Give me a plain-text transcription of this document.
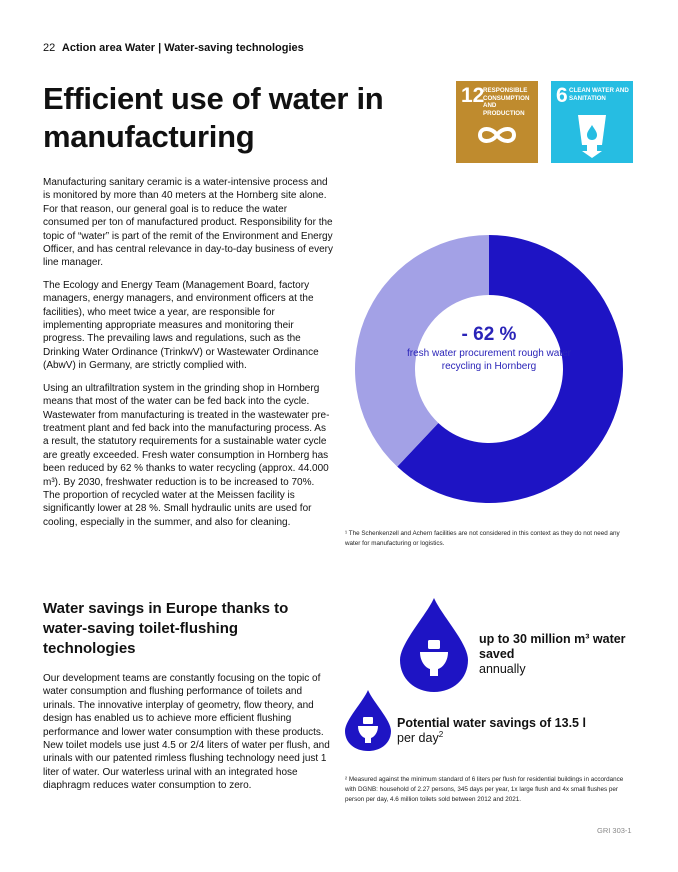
22 Action area Water | Water-saving technologies
Efficient use of water in manufacturing
12
RESPONSIBLE CONSUMPTION AND PRODUCTION
6 CLEAN WATER AND SANITATION

Manufacturing sanitary ceramic is a water-intensive process and is monitored by more than 40 meters at the Hornberg site alone. For that reason, our general goal is to reduce the water consumed per ton of manufactured product. Responsibility for the topic of “water” is part of the remit of the Environment and Energy Officer, and has central relevance in day-to-day business of every line manager.

The Ecology and Energy Team (Management Board, factory managers, energy managers, and environment officers at the facilities), who meet twice a year, are responsible for implementing appropriate measures and monitoring their progress. The prevailing laws and regulations, such as the Drinking Water Ordinance (TrinkwV) or Wastewater Ordinance (AbwV) in Germany, are strictly complied with.

Using an ultrafiltration system in the grinding shop in Hornberg means that most of the water can be fed back into the cycle. Wastewater from manufacturing is treated in the wastewater pre-treatment plant and fed back into the manufacturing process. As a result, the statutory requirements for a sustainable water cycle are greatly exceeded. Fresh water consumption in Hornberg has been reduced by 62 % thanks to water recycling (approx. 44.000 m³). By 2030, freshwater reduction is to be increased to 70%. The proportion of recycled water at the Meissen facility is significantly lower at 28 %. Small hydraulic units are used for cooling, especially in the summer, and also for cleaning.

- 62 %
fresh water procurement rough water recycling in Hornberg
¹ The Schenkenzell and Achern facilities are not considered in this context as they do not need any water for manufacturing or logistics.
Water savings in Europe thanks to water-saving toilet-flushing technologies

Our development teams are constantly focusing on the topic of water consumption and flushing performance of toilets and urinals. The innovative interplay of geometry, flow theory, and design has enabled us to achieve more efficient flushing performance and lower water consumption with these products. New toilet models use just 4.5 or 2/4 liters of water per flush, and urinals with our patented rimless flushing technology need just 1 liter of water. Our waterless urinal with an integrated hose diaphragm reduces water consumption to zero.

up to 30 million m³ water saved
annually
Potential water savings of 13.5 l
per day$^2$
² Measured against the minimum standard of 6 liters per flush for residential buildings in accordance with DGNB: household of 2.27 persons, 345 days per year, 1x large flush and 4x small flushes per person per day, 4.6 million toilets sold between 2012 and 2021.
GRI 303-1
